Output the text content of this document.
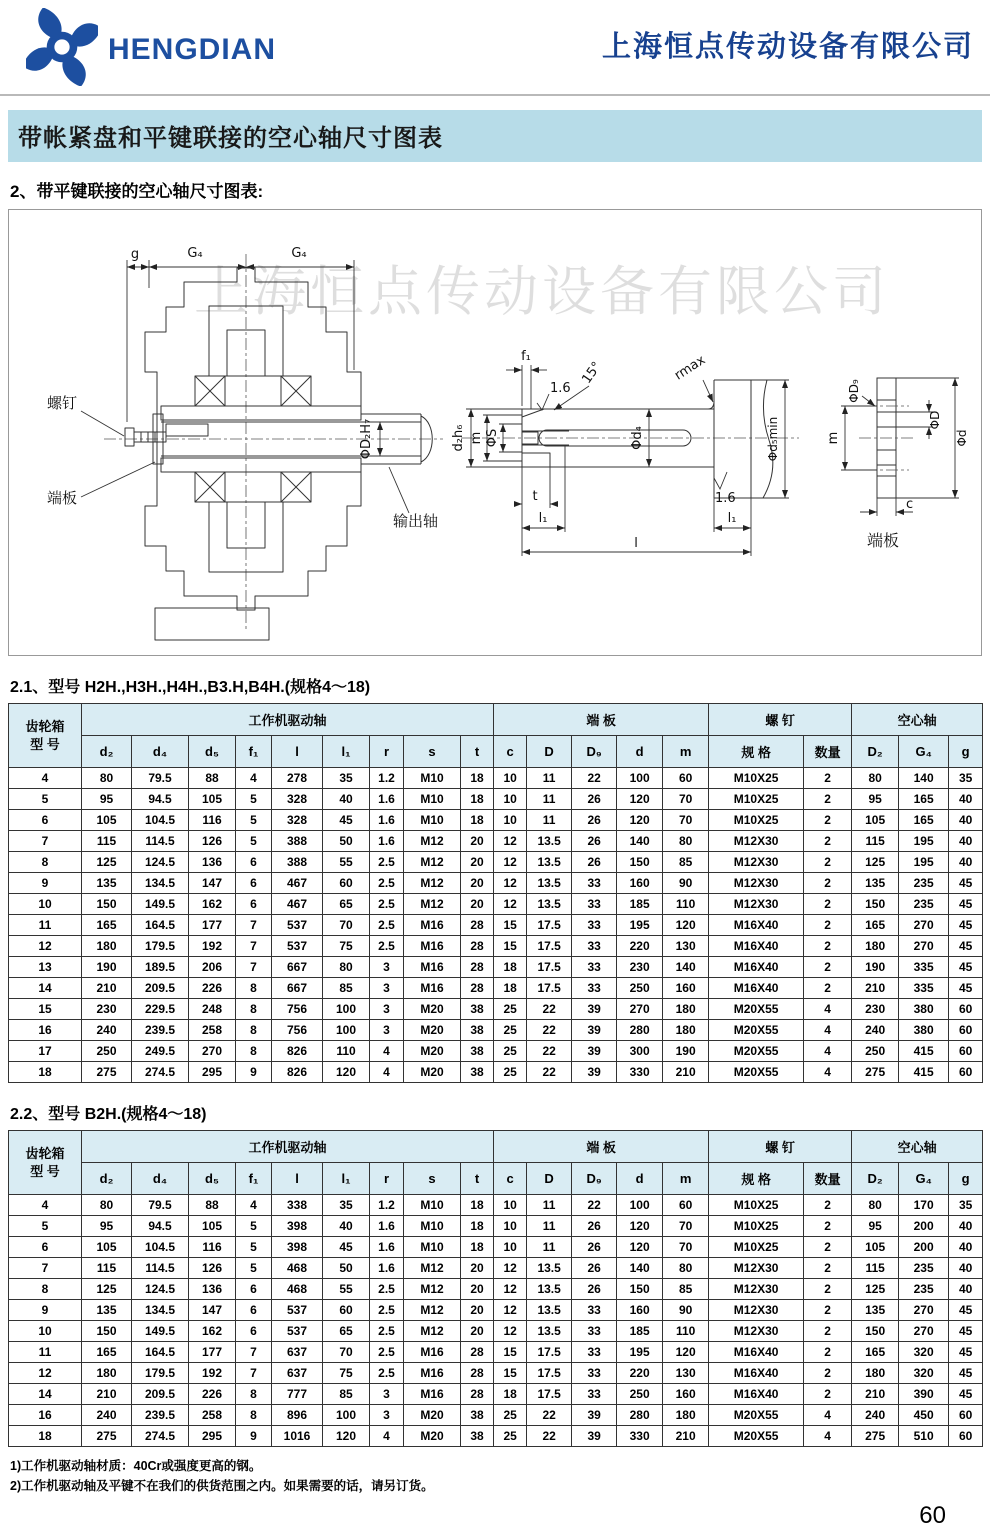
HENGDIAN	上海恒点传动设备有限公司
带帐紧盘和平键联接的空心轴尺寸图表
2、带平键联接的空心轴尺寸图表:
上海恒点传动设备有限公司
g	G₄	G₄
ΦD₂H₇
螺钉
端板
输出轴
d₂h₆ m ΦS
f₁
1.6
15°	rmax
Φd₄	Φd₅min
1.6
t
l₁	l₁
l
m
ΦD₉
ΦD
Φd
c
端板
2.1、型号 H2H.,H3H.,H4H.,B3.H,B4H.(规格4～18)
齿轮箱
型 号	工作机驱动轴									端 板					螺 钉		空心轴		
	d₂	d₄	d₅	f₁	l	l₁	r	s	t	c	D	D₉	d	m	规 格	数量	D₂	G₄	g
4	80	79.5	88	4	278	35	1.2	M10	18	10	11	22	100	60	M10X25	2	80	140	35
5	95	94.5	105	5	328	40	1.6	M10	18	10	11	26	120	70	M10X25	2	95	165	40
6	105	104.5	116	5	328	45	1.6	M10	18	10	11	26	120	70	M10X25	2	105	165	40
7	115	114.5	126	5	388	50	1.6	M12	20	12	13.5	26	140	80	M12X30	2	115	195	40
8	125	124.5	136	6	388	55	2.5	M12	20	12	13.5	26	150	85	M12X30	2	125	195	40
9	135	134.5	147	6	467	60	2.5	M12	20	12	13.5	33	160	90	M12X30	2	135	235	45
10	150	149.5	162	6	467	65	2.5	M12	20	12	13.5	33	185	110	M12X30	2	150	235	45
11	165	164.5	177	7	537	70	2.5	M16	28	15	17.5	33	195	120	M16X40	2	165	270	45
12	180	179.5	192	7	537	75	2.5	M16	28	15	17.5	33	220	130	M16X40	2	180	270	45
13	190	189.5	206	7	667	80	3	M16	28	18	17.5	33	230	140	M16X40	2	190	335	45
14	210	209.5	226	8	667	85	3	M16	28	18	17.5	33	250	160	M16X40	2	210	335	45
15	230	229.5	248	8	756	100	3	M20	38	25	22	39	270	180	M20X55	4	230	380	60
16	240	239.5	258	8	756	100	3	M20	38	25	22	39	280	180	M20X55	4	240	380	60
17	250	249.5	270	8	826	110	4	M20	38	25	22	39	300	190	M20X55	4	250	415	60
18	275	274.5	295	9	826	120	4	M20	38	25	22	39	330	210	M20X55	4	275	415	60
2.2、型号 B2H.(规格4～18)
齿轮箱
型 号	工作机驱动轴									端 板					螺 钉		空心轴		
	d₂	d₄	d₅	f₁	l	l₁	r	s	t	c	D	D₉	d	m	规 格	数量	D₂	G₄	g
4	80	79.5	88	4	338	35	1.2	M10	18	10	11	22	100	60	M10X25	2	80	170	35
5	95	94.5	105	5	398	40	1.6	M10	18	10	11	26	120	70	M10X25	2	95	200	40
6	105	104.5	116	5	398	45	1.6	M10	18	10	11	26	120	70	M10X25	2	105	200	40
7	115	114.5	126	5	468	50	1.6	M12	20	12	13.5	26	140	80	M12X30	2	115	235	40
8	125	124.5	136	6	468	55	2.5	M12	20	12	13.5	26	150	85	M12X30	2	125	235	40
9	135	134.5	147	6	537	60	2.5	M12	20	12	13.5	33	160	90	M12X30	2	135	270	45
10	150	149.5	162	6	537	65	2.5	M12	20	12	13.5	33	185	110	M12X30	2	150	270	45
11	165	164.5	177	7	637	70	2.5	M16	28	15	17.5	33	195	120	M16X40	2	165	320	45
12	180	179.5	192	7	637	75	2.5	M16	28	15	17.5	33	220	130	M16X40	2	180	320	45
14	210	209.5	226	8	777	85	3	M16	28	18	17.5	33	250	160	M16X40	2	210	390	45
16	240	239.5	258	8	896	100	3	M20	38	25	22	39	280	180	M20X55	4	240	450	60
18	275	274.5	295	9	1016	120	4	M20	38	25	22	39	330	210	M20X55	4	275	510	60
1)工作机驱动轴材质：40Cr或强度更高的钢。
2)工作机驱动轴及平键不在我们的供货范围之内。如果需要的话，请另订货。
60
